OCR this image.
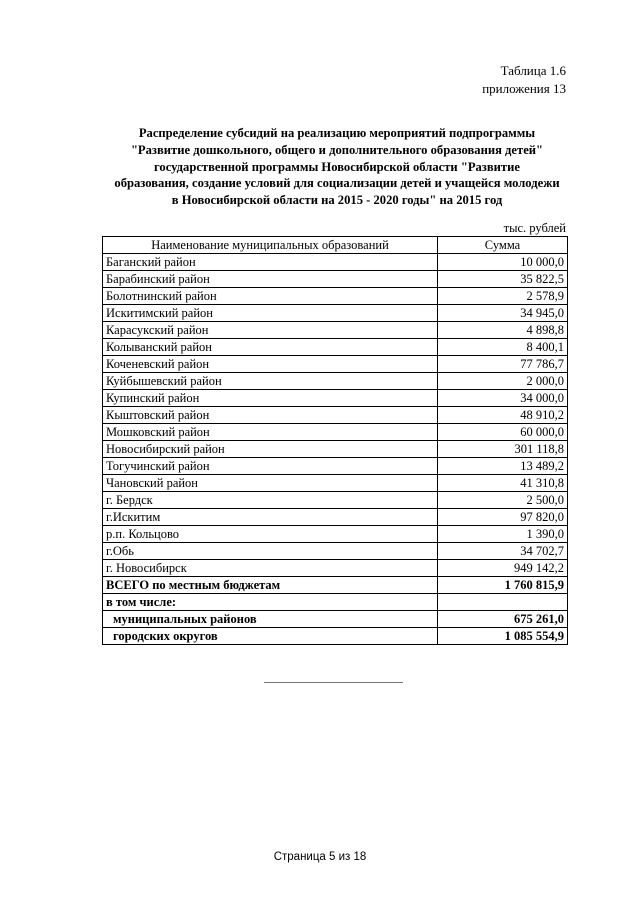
Таблица 1.6
приложения 13
Распределение субсидий на реализацию мероприятий подпрограммы
"Развитие дошкольного, общего и дополнительного образования детей"
государственной программы Новосибирской области "Развитие
образования, создание условий для социализации детей и учащейся молодежи
в Новосибирской области на 2015 - 2020 годы" на 2015 год
тыс. рублей
Наименование муниципальных образований	Сумма
Баганский район	10 000,0
Барабинский район	35 822,5
Болотнинский район	2 578,9
Искитимский район	34 945,0
Карасукский район	4 898,8
Колыванский район	8 400,1
Коченевский район	77 786,7
Куйбышевский район	2 000,0
Купинский район	34 000,0
Кыштовский район	48 910,2
Мошковский район	60 000,0
Новосибирский район	301 118,8
Тогучинский район	13 489,2
Чановский район	41 310,8
г. Бердск	2 500,0
г.Искитим	97 820,0
р.п. Кольцово	1 390,0
г.Обь	34 702,7
г. Новосибирск	949 142,2
ВСЕГО по местным бюджетам	1 760 815,9
в том числе:	
муниципальных районов	675 261,0
городских округов	1 085 554,9
Страница 5 из 18
